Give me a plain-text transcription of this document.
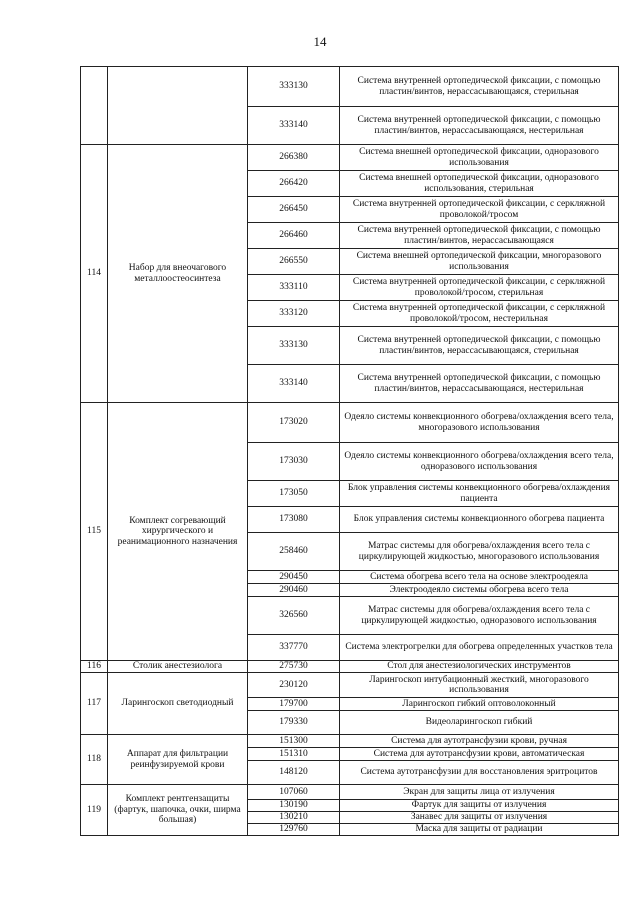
14
		333130	Система внутренней ортопедической фиксации, с помощью пластин/винтов, нерассасывающаяся, стерильная
		333140	Система внутренней ортопедической фиксации, с помощью пластин/винтов, нерассасывающаяся, нестерильная
114	Набор для внеочагового металлоостеосинтеза	266380	Система внешней ортопедической фиксации, одноразового использования
		266420	Система внешней ортопедической фиксации, одноразового использования, стерильная
		266450	Система внутренней ортопедической фиксации, с серкляжной проволокой/тросом
		266460	Система внутренней ортопедической фиксации, с помощью пластин/винтов, нерассасывающаяся
		266550	Система внешней ортопедической фиксации, многоразового использования
		333110	Система внутренней ортопедической фиксации, с серкляжной проволокой/тросом, стерильная
		333120	Система внутренней ортопедической фиксации, с серкляжной проволокой/тросом, нестерильная
		333130	Система внутренней ортопедической фиксации, с помощью пластин/винтов, нерассасывающаяся, стерильная
		333140	Система внутренней ортопедической фиксации, с помощью пластин/винтов, нерассасывающаяся, нестерильная
115	Комплект согревающий хирургического и реанимационного назначения	173020	Одеяло системы конвекционного обогрева/охлаждения всего тела, многоразового использования
		173030	Одеяло системы конвекционного обогрева/охлаждения всего тела, одноразового использования
		173050	Блок управления системы конвекционного обогрева/охлаждения пациента
		173080	Блок управления системы конвекционного обогрева пациента
		258460	Матрас системы для обогрева/охлаждения всего тела с циркулирующей жидкостью, многоразового использования
		290450	Система обогрева всего тела на основе электроодеяла
		290460	Электроодеяло системы обогрева всего тела
		326560	Матрас системы для обогрева/охлаждения всего тела с циркулирующей жидкостью, одноразового использования
		337770	Система электрогрелки для обогрева определенных участков тела
116	Столик анестезиолога	275730	Стол для анестезиологических инструментов
117	Ларингоскоп светодиодный	230120	Ларингоскоп интубационный жесткий, многоразового использования
		179700	Ларингоскоп гибкий оптоволоконный
		179330	Видеоларингоскоп гибкий
118	Аппарат для фильтрации реинфузируемой крови	151300	Система для аутотрансфузии крови, ручная
		151310	Система для аутотрансфузии крови, автоматическая
		148120	Система аутотрансфузии для восстановления эритроцитов
119	Комплект рентгензащиты (фартук, шапочка, очки, ширма большая)	107060	Экран для защиты лица от излучения
		130190	Фартук для защиты от излучения
		130210	Занавес для защиты от излучения
		129760	Маска для защиты от радиации
